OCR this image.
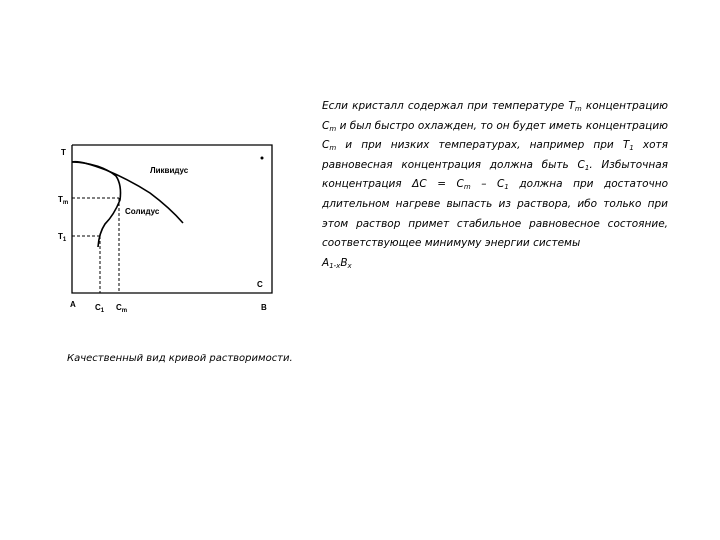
T
C
$T_m$
$T_1$
Ликвидус
Солидус
A $C_1$ $C_m$	B
Качественный вид кривой растворимости.

Если кристалл содержал при температуре $Т_m$ концентрацию $С_m$ и был быстро охлажден, то он будет иметь концентрацию $С_m$ и при низких температурах, например при $Т_1$ хотя равновесная концентрация должна быть $С_1$. Избыточная концентрация $\Delta С = С_m - С_1$ должна при достаточно длительном нагреве выпасть из раствора, ибо только при этом раствор примет стабильное равновесное состояние, соответствующее минимуму энергии системы

$А_{1-х}В_х$
